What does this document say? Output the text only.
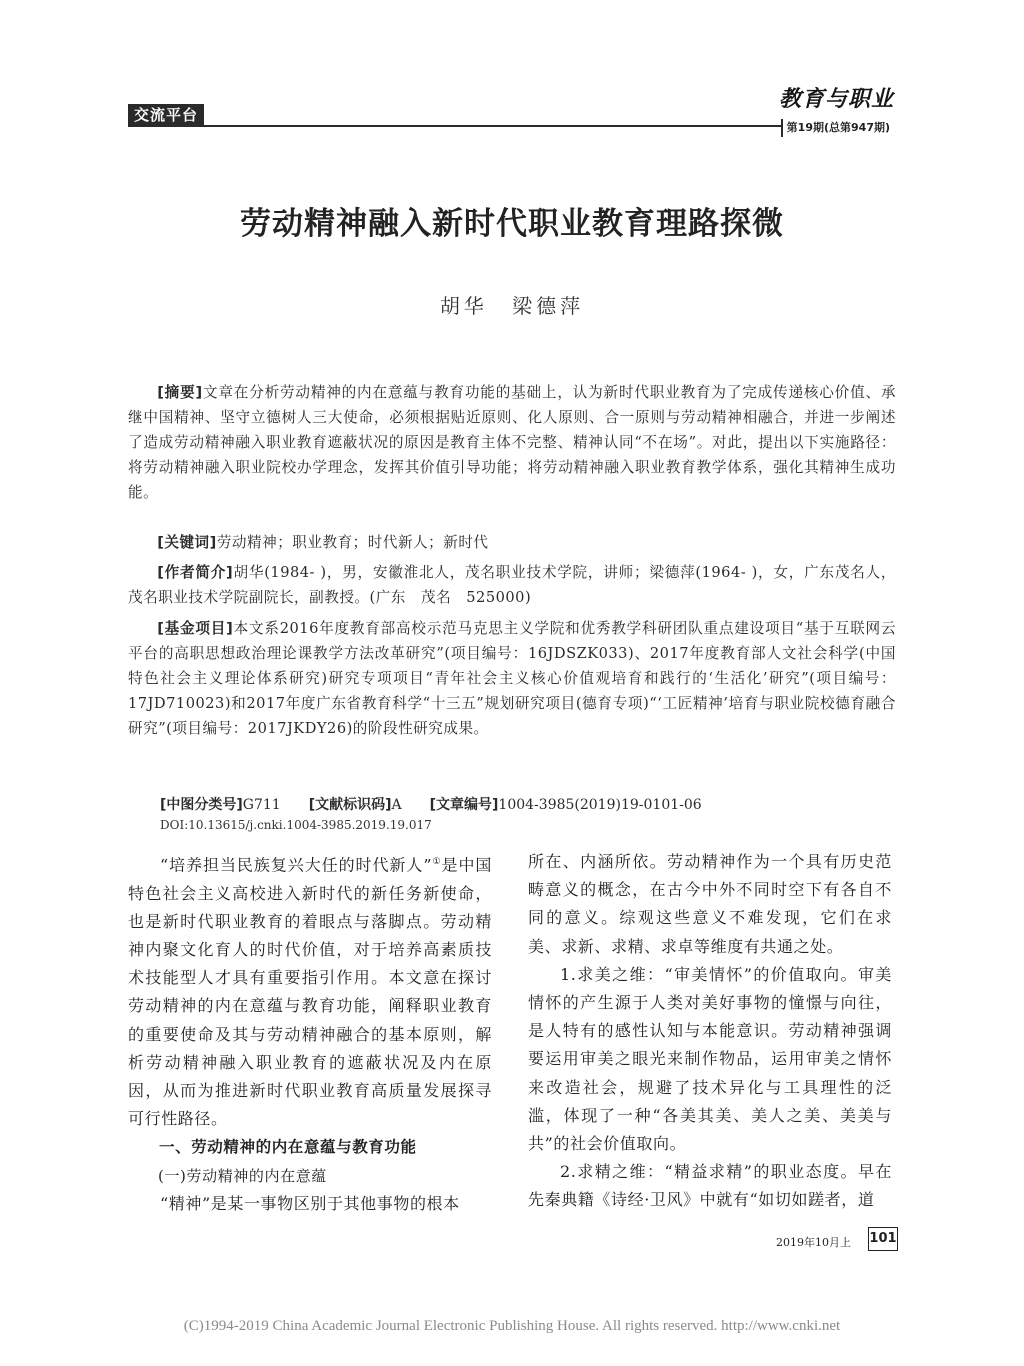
交流平台
教育与职业
第19期(总第947期)
劳动精神融入新时代职业教育理路探微
胡华 梁德萍

[摘要]文章在分析劳动精神的内在意蕴与教育功能的基础上，认为新时代职业教育为了完成传递核心价值、承继中国精神、坚守立德树人三大使命，必须根据贴近原则、化人原则、合一原则与劳动精神相融合，并进一步阐述了造成劳动精神融入职业教育遮蔽状况的原因是教育主体不完整、精神认同“不在场”。对此，提出以下实施路径：将劳动精神融入职业院校办学理念，发挥其价值引导功能；将劳动精神融入职业教育教学体系，强化其精神生成功能。

[关键词]劳动精神；职业教育；时代新人；新时代

[作者简介]胡华(1984- )，男，安徽淮北人，茂名职业技术学院，讲师；梁德萍(1964- )，女，广东茂名人，茂名职业技术学院副院长，副教授。(广东　茂名　525000)

[基金项目]本文系2016年度教育部高校示范马克思主义学院和优秀教学科研团队重点建设项目“基于互联网云平台的高职思想政治理论课教学方法改革研究”(项目编号：16JDSZK033)、2017年度教育部人文社会科学(中国特色社会主义理论体系研究)研究专项项目“青年社会主义核心价值观培育和践行的‘生活化’研究”(项目编号：17JD710023)和2017年度广东省教育科学“十三五”规划研究项目(德育专项)“‘工匠精神’培育与职业院校德育融合研究”(项目编号：2017JKDY26)的阶段性研究成果。

[中图分类号]G711 [文献标识码]A [文章编号]1004-3985(2019)19-0101-06
DOI:10.13615/j.cnki.1004-3985.2019.19.017

“培养担当民族复兴大任的时代新人”①是中国特色社会主义高校进入新时代的新任务新使命，也是新时代职业教育的着眼点与落脚点。劳动精神内聚文化育人的时代价值，对于培养高素质技术技能型人才具有重要指引作用。本文意在探讨劳动精神的内在意蕴与教育功能，阐释职业教育的重要使命及其与劳动精神融合的基本原则，解析劳动精神融入职业教育的遮蔽状况及内在原因，从而为推进新时代职业教育高质量发展探寻可行性路径。

一、劳动精神的内在意蕴与教育功能

(一)劳动精神的内在意蕴

“精神”是某一事物区别于其他事物的根本

所在、内涵所依。劳动精神作为一个具有历史范畴意义的概念，在古今中外不同时空下有各自不同的意义。综观这些意义不难发现，它们在求美、求新、求精、求卓等维度有共通之处。

1.求美之维：“审美情怀”的价值取向。审美情怀的产生源于人类对美好事物的憧憬与向往，是人特有的感性认知与本能意识。劳动精神强调要运用审美之眼光来制作物品，运用审美之情怀来改造社会，规避了技术异化与工具理性的泛滥，体现了一种“各美其美、美人之美、美美与共”的社会价值取向。

2.求精之维：“精益求精”的职业态度。早在先秦典籍《诗经·卫风》中就有“如切如蹉者，道

2019年10月上 101
(C)1994-2019 China Academic Journal Electronic Publishing House. All rights reserved. http://www.cnki.net
